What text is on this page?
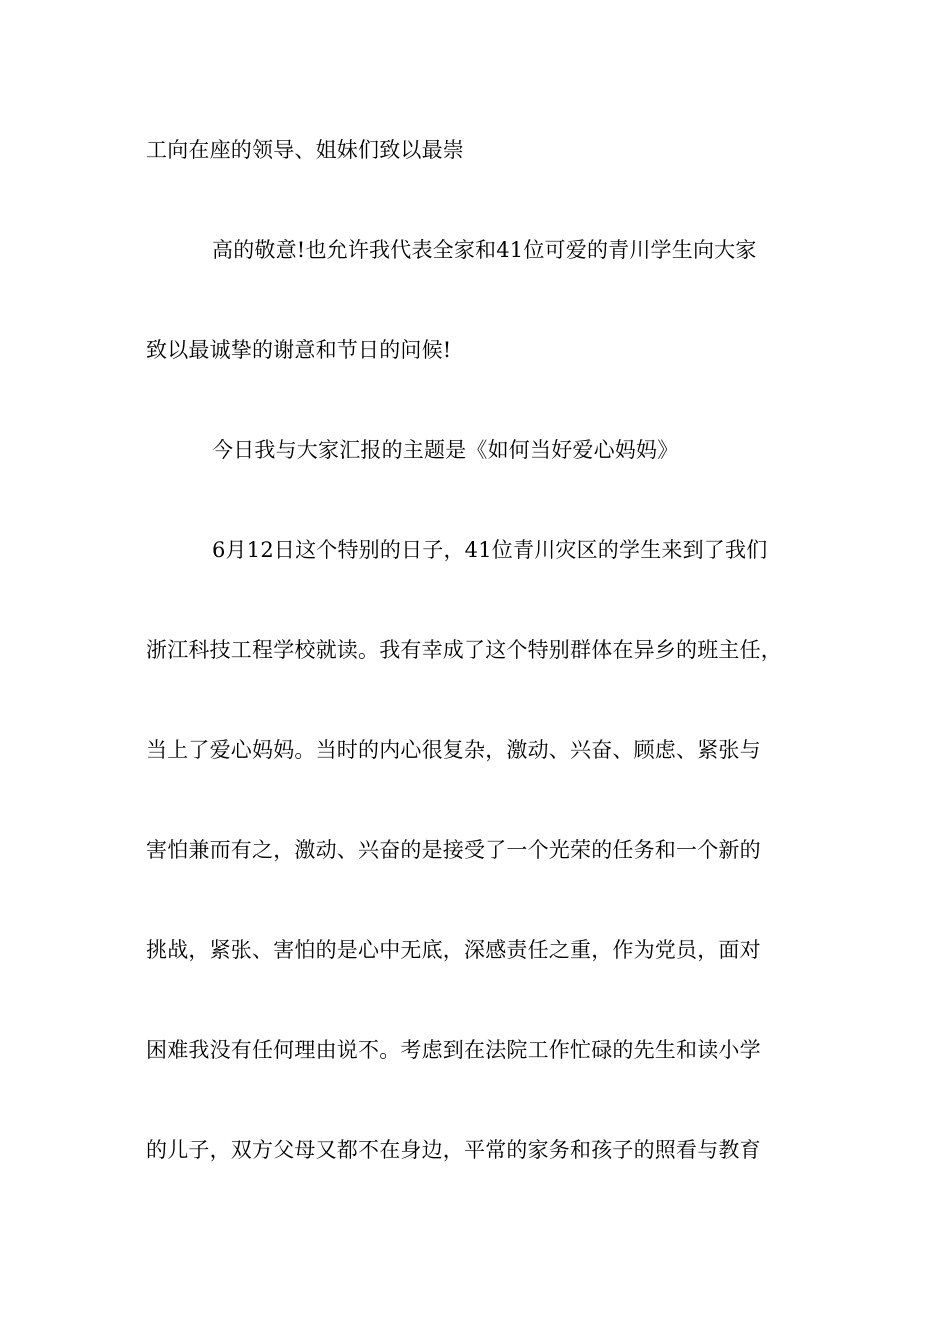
工向在座的领导、姐妹们致以最崇
高的敬意!也允许我代表全家和41位可爱的青川学生向大家
致以最诚挚的谢意和节日的问候!
今日我与大家汇报的主题是《如何当好爱心妈妈》
6月12日这个特别的日子，41位青川灾区的学生来到了我们
浙江科技工程学校就读。我有幸成了这个特别群体在异乡的班主任，
当上了爱心妈妈。当时的内心很复杂，激动、兴奋、顾虑、紧张与
害怕兼而有之，激动、兴奋的是接受了一个光荣的任务和一个新的
挑战，紧张、害怕的是心中无底，深感责任之重，作为党员，面对
困难我没有任何理由说不。考虑到在法院工作忙碌的先生和读小学
的儿子，双方父母又都不在身边，平常的家务和孩子的照看与教育
